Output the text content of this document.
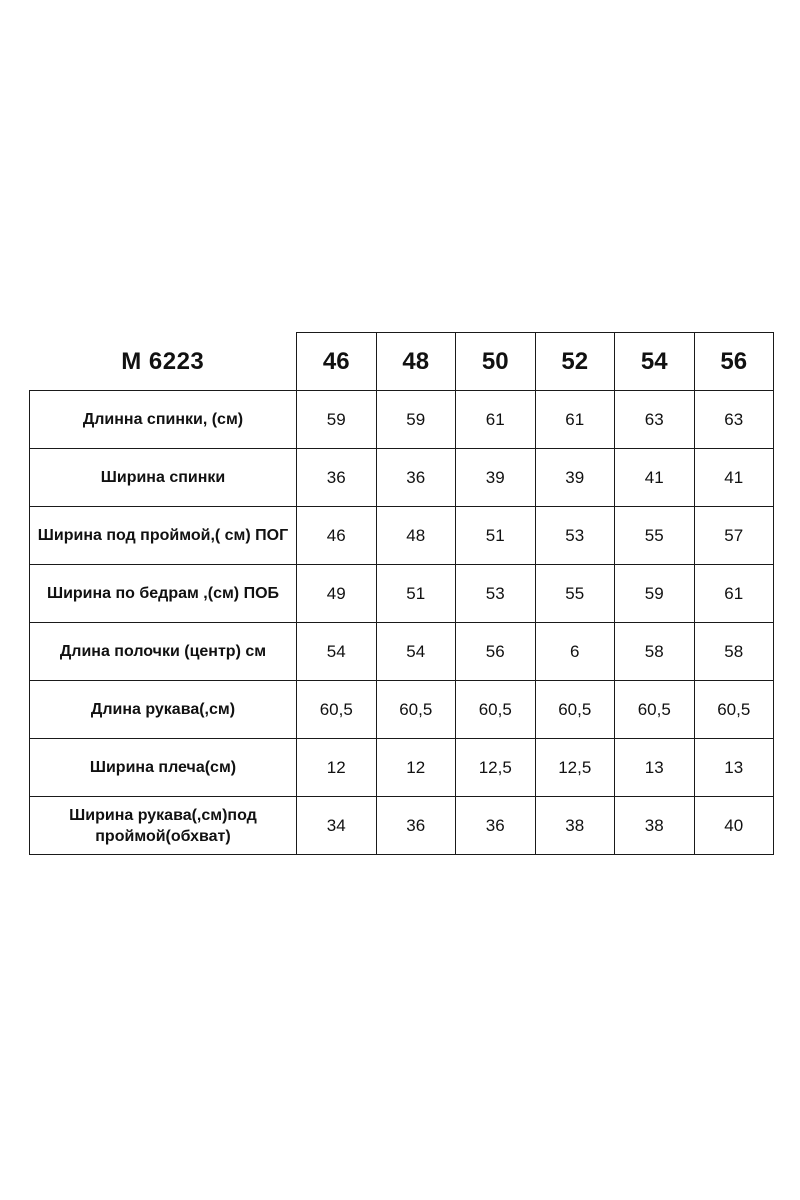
М 6223	46	48	50	52	54	56
Длинна спинки, (см)	59	59	61	61	63	63
Ширина спинки	36	36	39	39	41	41
Ширина под проймой,( см) ПОГ	46	48	51	53	55	57
Ширина по бедрам ,(см) ПОБ	49	51	53	55	59	61
Длина полочки (центр) см	54	54	56	6	58	58
Длина рукава(,см)	60,5	60,5	60,5	60,5	60,5	60,5
Ширина плеча(см)	12	12	12,5	12,5	13	13
Ширина рукава(,см)под проймой(обхват)	34	36	36	38	38	40
